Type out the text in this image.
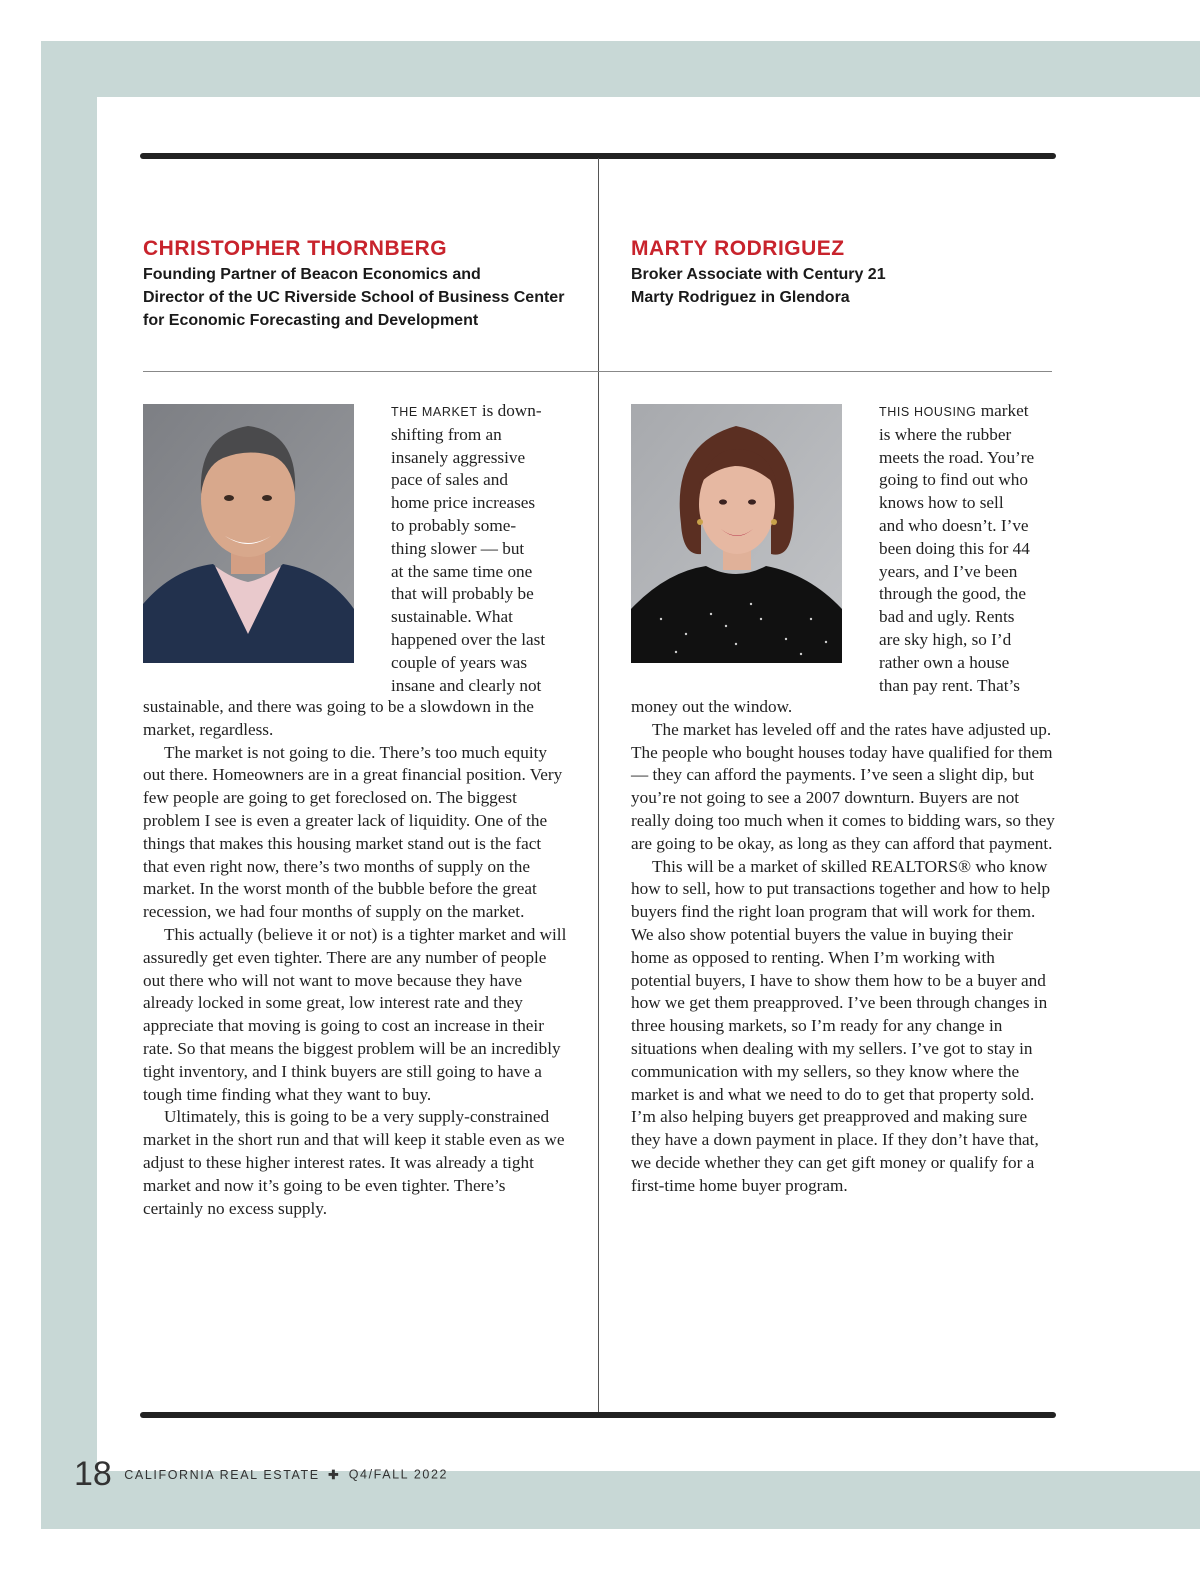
CHRISTOPHER THORNBERG
Founding Partner of Beacon Economics and
Director of the UC Riverside School of Business Center
for Economic Forecasting and Development
THE MARKET is down-
shifting from an
insanely aggressive
pace of sales and
home price increases
to probably some-
thing slower — but
at the same time one
that will probably be
sustainable. What
happened over the last
couple of years was
insane and clearly not

sustainable, and there was going to be a slowdown in the market, regardless.

The market is not going to die. There’s too much equity out there. Homeowners are in a great financial position. Very few people are going to get foreclosed on. The biggest problem I see is even a greater lack of liquidity. One of the things that makes this housing market stand out is the fact that even right now, there’s two months of supply on the market. In the worst month of the bubble before the great recession, we had four months of supply on the market.

This actually (believe it or not) is a tighter market and will assuredly get even tighter. There are any number of people out there who will not want to move because they have already locked in some great, low interest rate and they appreciate that moving is going to cost an increase in their rate. So that means the biggest problem will be an incredibly tight inventory, and I think buyers are still going to have a tough time finding what they want to buy.

Ultimately, this is going to be a very supply-constrained market in the short run and that will keep it stable even as we adjust to these higher interest rates. It was already a tight market and now it’s going to be even tighter. There’s certainly no excess supply.

MARTY RODRIGUEZ
Broker Associate with Century 21
Marty Rodriguez in Glendora
THIS HOUSING market
is where the rubber
meets the road. You’re
going to find out who
knows how to sell
and who doesn’t. I’ve
been doing this for 44
years, and I’ve been
through the good, the
bad and ugly. Rents
are sky high, so I’d
rather own a house
than pay rent. That’s

money out the window.

The market has leveled off and the rates have adjusted up. The people who bought houses today have qualified for them — they can afford the payments. I’ve seen a slight dip, but you’re not going to see a 2007 downturn. Buyers are not really doing too much when it comes to bidding wars, so they are going to be okay, as long as they can afford that payment.

This will be a market of skilled REALTORS® who know how to sell, how to put transactions together and how to help buyers find the right loan program that will work for them. We also show potential buyers the value in buying their home as opposed to renting. When I’m working with potential buyers, I have to show them how to be a buyer and how we get them preapproved. I’ve been through changes in three housing markets, so I’m ready for any change in situations when dealing with my sellers. I’ve got to stay in communication with my sellers, so they know where the market is and what we need to do to get that property sold. I’m also helping buyers get preapproved and making sure they have a down payment in place. If they don’t have that, we decide whether they can get gift money or qualify for a first-time home buyer program.

18 CALIFORNIA REAL ESTATE ✚ Q4/FALL 2022
